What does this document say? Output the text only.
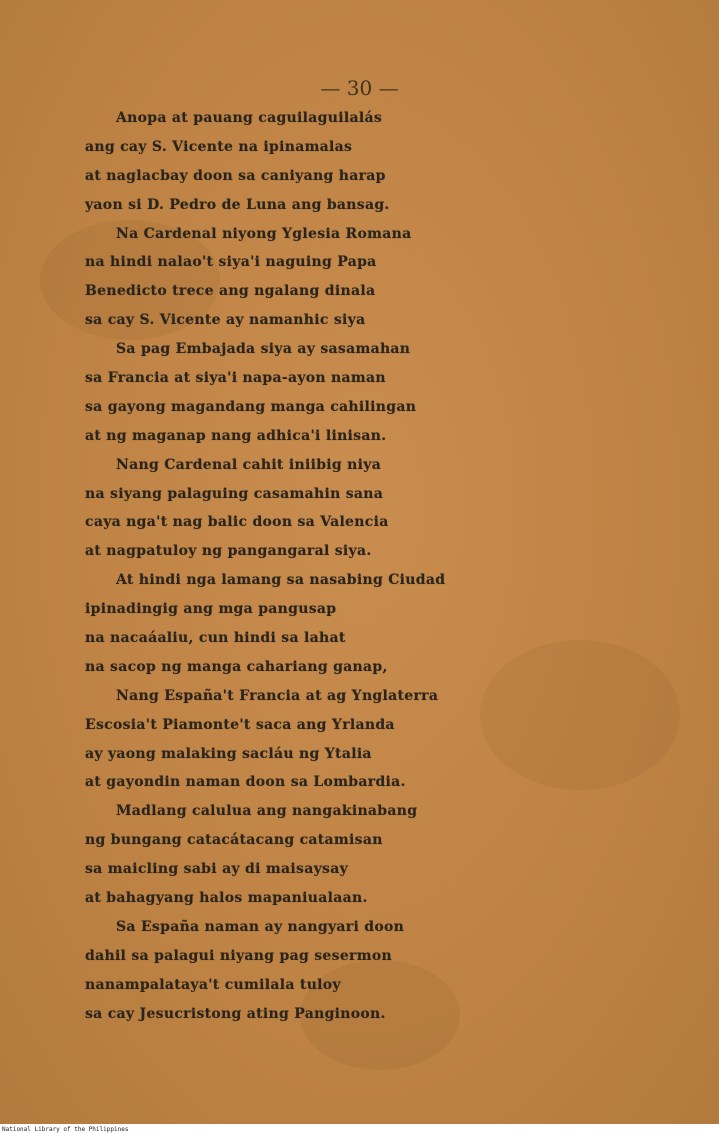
— 30 —
Anopa at pauang caguilaguilalás
ang cay S. Vicente na ipinamalas
at naglacbay doon sa caniyang harap
yaon si D. Pedro de Luna ang bansag.
Na Cardenal niyong Yglesia Romana
na hindi nalao't siya'i naguing Papa
Benedicto trece ang ngalang dinala
sa cay S. Vicente ay namanhic siya
Sa pag Embajada siya ay sasamahan
sa Francia at siya'i napa-ayon naman
sa gayong magandang manga cahilingan
at ng maganap nang adhica'i linisan.
Nang Cardenal cahit iniibig niya
na siyang palaguing casamahin sana
caya nga't nag balic doon sa Valencia
at nagpatuloy ng pangangaral siya.
At hindi nga lamang sa nasabing Ciudad
ipinadingig ang mga pangusap
na nacaáaliu, cun hindi sa lahat
na sacop ng manga cahariang ganap,
Nang España't Francia at ag Ynglaterra
Escosia't Piamonte't saca ang Yrlanda
ay yaong malaking sacláu ng Ytalia
at gayondin naman doon sa Lombardia.
Madlang calulua ang nangakinabang
ng bungang catacátacang catamisan
sa maicling sabi ay di maisaysay
at bahagyang halos mapaniualaan.
Sa España naman ay nangyari doon
dahil sa palagui niyang pag sesermon
nanampalataya't cumilala tuloy
sa cay Jesucristong ating Panginoon.
National Library of the Philippines
